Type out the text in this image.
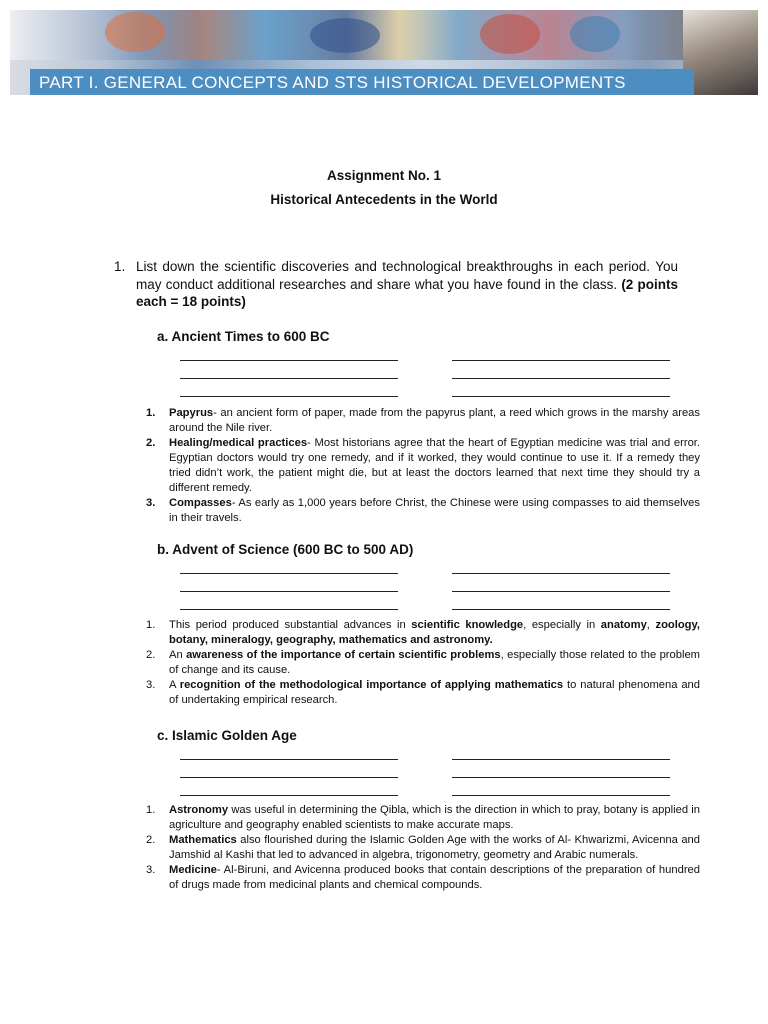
PART I. GENERAL CONCEPTS AND STS HISTORICAL DEVELOPMENTS
Assignment No. 1
Historical Antecedents in the World
1. List down the scientific discoveries and technological breakthroughs in each period. You may conduct additional researches and share what you have found in the class. (2 points each = 18 points)
a. Ancient Times to 600 BC
1. Papyrus- an ancient form of paper, made from the papyrus plant, a reed which grows in the marshy areas around the Nile river.
2. Healing/medical practices- Most historians agree that the heart of Egyptian medicine was trial and error. Egyptian doctors would try one remedy, and if it worked, they would continue to use it. If a remedy they tried didn’t work, the patient might die, but at least the doctors learned that next time they should try a different remedy.
3. Compasses- As early as 1,000 years before Christ, the Chinese were using compasses to aid themselves in their travels.
b. Advent of Science (600 BC to 500 AD)
1. This period produced substantial advances in scientific knowledge, especially in anatomy, zoology, botany, mineralogy, geography, mathematics and astronomy.
2. An awareness of the importance of certain scientific problems, especially those related to the problem of change and its cause.
3. A recognition of the methodological importance of applying mathematics to natural phenomena and of undertaking empirical research.
c. Islamic Golden Age
1. Astronomy was useful in determining the Qibla, which is the direction in which to pray, botany is applied in agriculture and geography enabled scientists to make accurate maps.
2. Mathematics also flourished during the Islamic Golden Age with the works of Al- Khwarizmi, Avicenna and Jamshid al Kashi that led to advanced in algebra, trigonometry, geometry and Arabic numerals.
3. Medicine- Al-Biruni, and Avicenna produced books that contain descriptions of the preparation of hundred of drugs made from medicinal plants and chemical compounds.
